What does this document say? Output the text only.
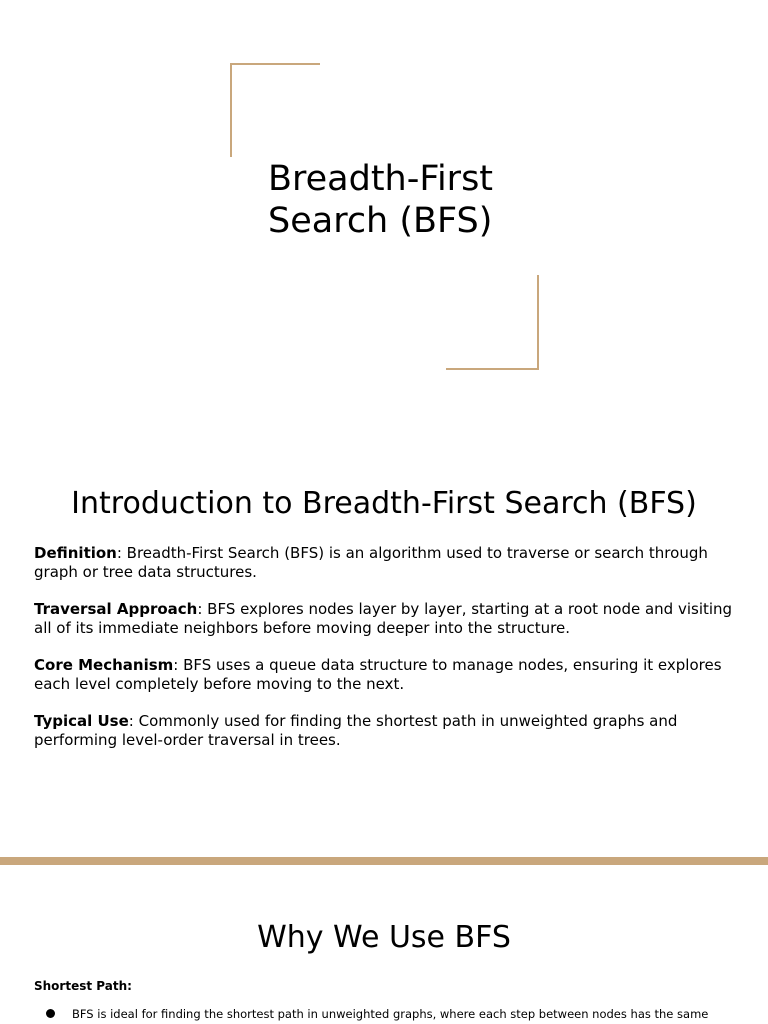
Breadth-First
Search (BFS)
Introduction to Breadth-First Search (BFS)

Definition: Breadth-First Search (BFS) is an algorithm used to traverse or search through graph or tree data structures.

Traversal Approach: BFS explores nodes layer by layer, starting at a root node and visiting all of its immediate neighbors before moving deeper into the structure.

Core Mechanism: BFS uses a queue data structure to manage nodes, ensuring it explores each level completely before moving to the next.

Typical Use: Commonly used for finding the shortest path in unweighted graphs and performing level-order traversal in trees.

Why We Use BFS

Shortest Path:

BFS is ideal for finding the shortest path in unweighted graphs, where each step between nodes has the same
